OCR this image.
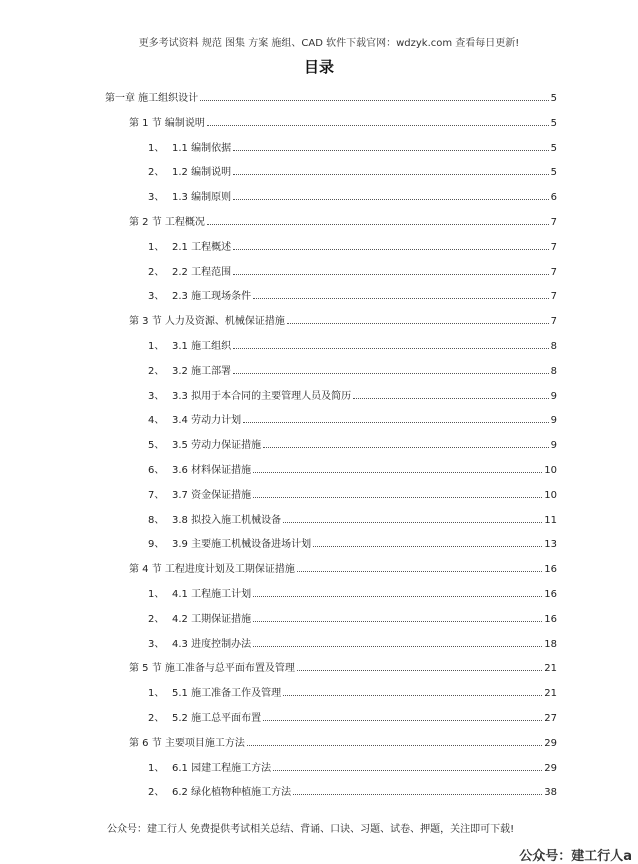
更多考试资料 规范 图集 方案 施组、CAD 软件下载官网：wdzyk.com 查看每日更新!
目录
第一章 施工组织设计	5
第 1 节 编制说明	5
1、 1.1 编制依据	5
2、 1.2 编制说明	5
3、 1.3 编制原则	6
第 2 节 工程概况	7
1、 2.1 工程概述	7
2、 2.2 工程范围	7
3、 2.3 施工现场条件	7
第 3 节 人力及资源、机械保证措施	7
1、 3.1 施工组织	8
2、 3.2 施工部署	8
3、 3.3 拟用于本合同的主要管理人员及简历	9
4、 3.4 劳动力计划	9
5、 3.5 劳动力保证措施	9
6、 3.6 材料保证措施	10
7、 3.7 资金保证措施	10
8、 3.8 拟投入施工机械设备	11
9、 3.9 主要施工机械设备进场计划	13
第 4 节 工程进度计划及工期保证措施	16
1、 4.1 工程施工计划	16
2、 4.2 工期保证措施	16
3、 4.3 进度控制办法	18
第 5 节 施工准备与总平面布置及管理	21
1、 5.1 施工准备工作及管理	21
2、 5.2 施工总平面布置	27
第 6 节 主要项目施工方法	29
1、 6.1 园建工程施工方法	29
2、 6.2 绿化植物种植施工方法	38
公众号：建工行人 免费提供考试相关总结、背诵、口诀、习题、试卷、押题，关注即可下载!
公众号：建工行人a
